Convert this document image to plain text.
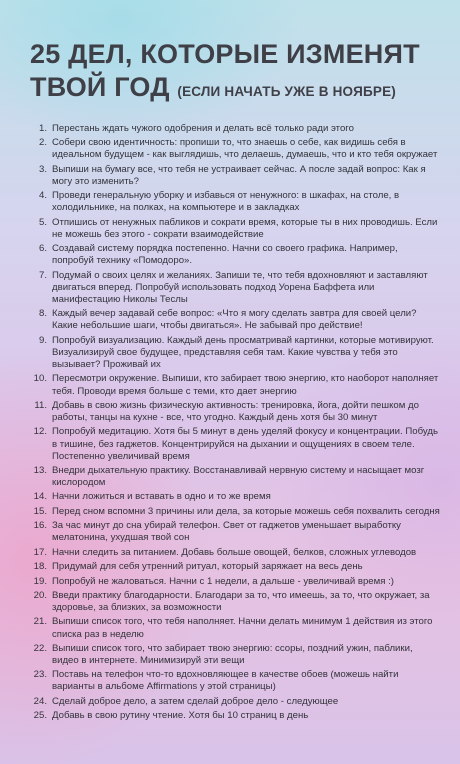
25 ДЕЛ, КОТОРЫЕ ИЗМЕНЯТ ТВОЙ ГОД (ЕСЛИ НАЧАТЬ УЖЕ В НОЯБРЕ)
1. Перестань ждать чужого одобрения и делать всё только ради этого
2. Собери свою идентичность: пропиши то, что знаешь о себе, как видишь себя в идеальном будущем - как выглядишь, что делаешь, думаешь, что и кто тебя окружает
3. Выпиши на бумагу все, что тебя не устраивает сейчас. А после задай вопрос: Как я могу это изменить?
4. Проведи генеральную уборку и избавься от ненужного: в шкафах, на столе, в холодильнике, на полках, на компьютере и в закладках
5. Отпишись от ненужных пабликов и сократи время, которые ты в них проводишь. Если не можешь без этого - сократи взаимодействие
6. Создавай систему порядка постепенно. Начни со своего графика. Например, попробуй технику «Помодоро».
7. Подумай о своих целях и желаниях. Запиши те, что тебя вдохновляют и заставляют двигаться вперед. Попробуй использовать подход Уорена Баффета или манифестацию Николы Теслы
8. Каждый вечер задавай себе вопрос: «Что я могу сделать завтра для своей цели? Какие небольшие шаги, чтобы двигаться». Не забывай про действие!
9. Попробуй визуализацию. Каждый день просматривай картинки, которые мотивируют. Визуализируй свое будущее, представляя себя там. Какие чувства у тебя это вызывает? Проживай их
10. Пересмотри окружение. Выпиши, кто забирает твою энергию, кто наоборот наполняет тебя. Проводи время больше с теми, кто дает энергию
11. Добавь в свою жизнь физическую активность: тренировка, йога, дойти пешком до работы, танцы на кухне - все, что угодно. Каждый день хотя бы 30 минут
12. Попробуй медитацию. Хотя бы 5 минут в день уделяй фокусу и концентрации. Побудь в тишине, без гаджетов. Концентрируйся на дыхании и ощущениях в своем теле. Постепенно увеличивай время
13. Внедри дыхательную практику. Восстанавливай нервную систему и насыщает мозг кислородом
14. Начни ложиться и вставать в одно и то же время
15. Перед сном вспомни 3 причины или дела, за которые можешь себя похвалить сегодня
16. За час минут до сна убирай телефон. Свет от гаджетов уменьшает выработку мелатонина, ухудшая твой сон
17. Начни следить за питанием. Добавь больше овощей, белков, сложных углеводов
18. Придумай для себя утренний ритуал, который заряжает на весь день
19. Попробуй не жаловаться. Начни с 1 недели, а дальше - увеличивай время :)
20. Введи практику благодарности. Благодари за то, что имеешь, за то, что окружает, за здоровье, за близких, за возможности
21. Выпиши список того, что тебя наполняет. Начни делать минимум 1 действия из этого списка раз в неделю
22. Выпиши список того, что забирает твою энергию: ссоры, поздний ужин, паблики, видео в интернете. Минимизируй эти вещи
23. Поставь на телефон что-то вдохновляющее в качестве обоев (можешь найти варианты в альбоме Affirmations у этой страницы)
24. Сделай доброе дело, а затем сделай доброе дело - следующее
25. Добавь в свою рутину чтение. Хотя бы 10 страниц в день
